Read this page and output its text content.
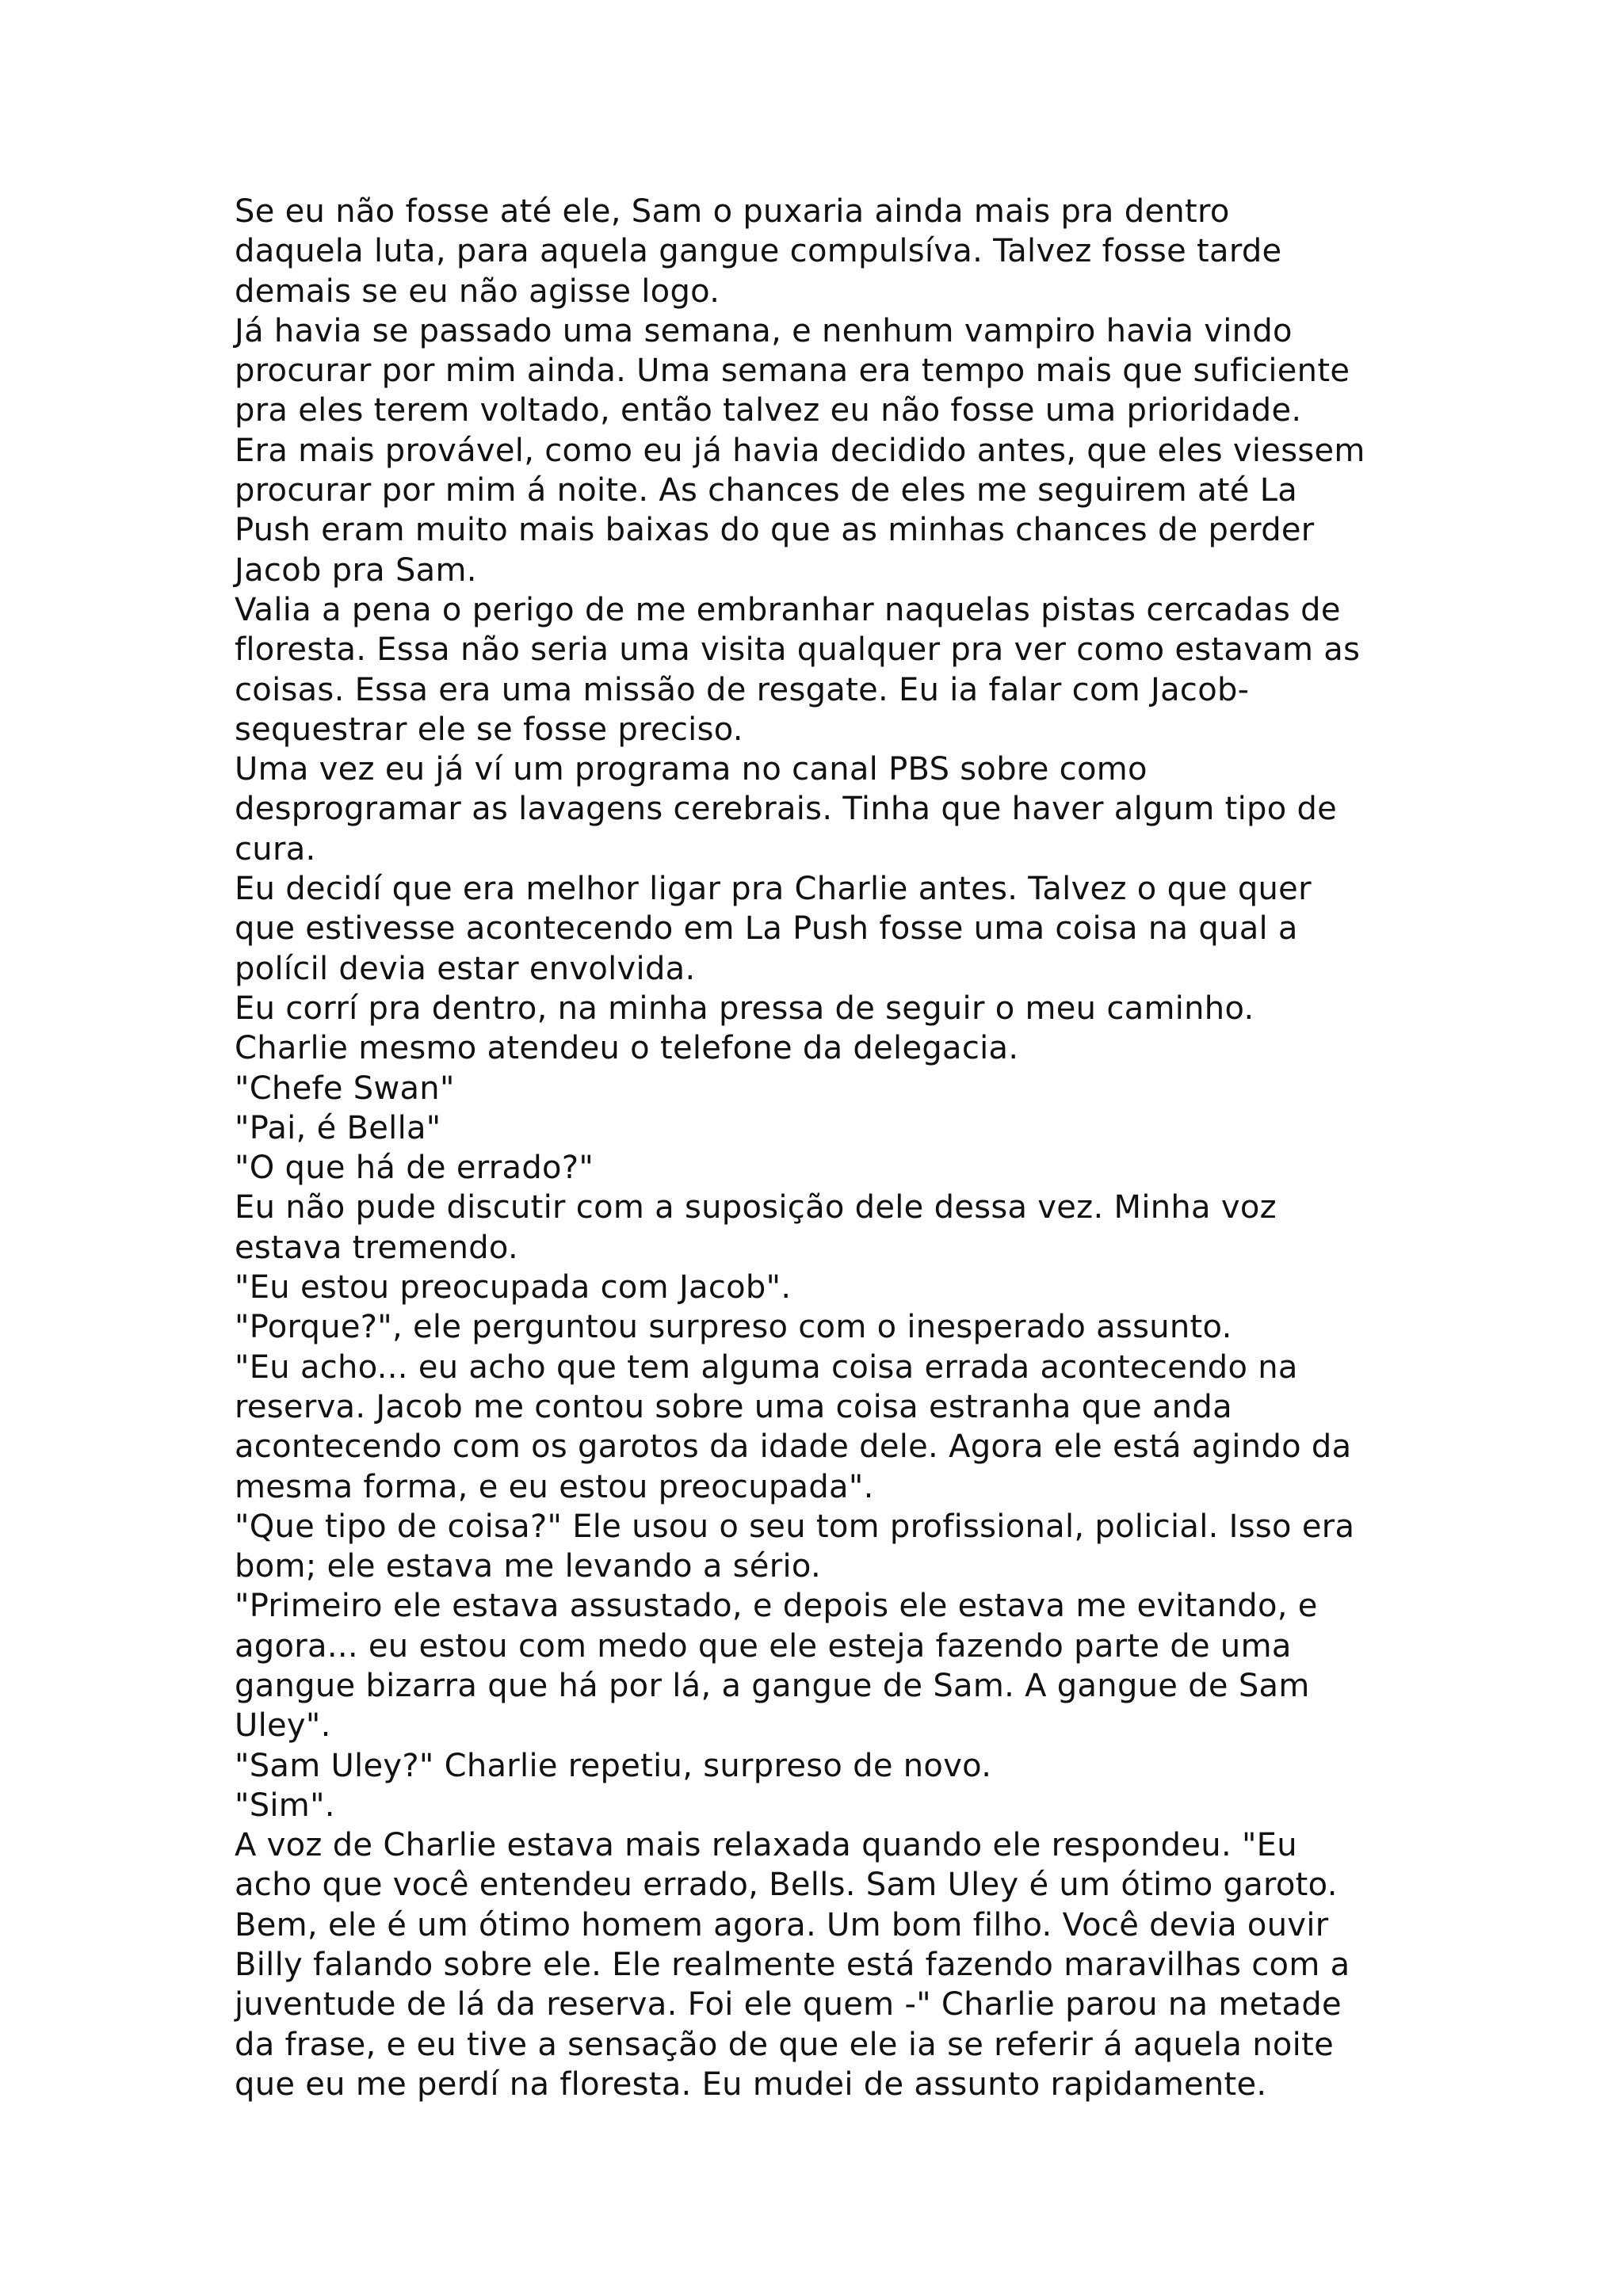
Se eu não fosse até ele, Sam o puxaria ainda mais pra dentro
daquela luta, para aquela gangue compulsíva. Talvez fosse tarde
demais se eu não agisse logo.
Já havia se passado uma semana, e nenhum vampiro havia vindo
procurar por mim ainda. Uma semana era tempo mais que suficiente
pra eles terem voltado, então talvez eu não fosse uma prioridade.
Era mais provável, como eu já havia decidido antes, que eles viessem
procurar por mim á noite. As chances de eles me seguirem até La
Push eram muito mais baixas do que as minhas chances de perder
Jacob pra Sam.
Valia a pena o perigo de me embranhar naquelas pistas cercadas de
floresta. Essa não seria uma visita qualquer pra ver como estavam as
coisas. Essa era uma missão de resgate. Eu ia falar com Jacob-
sequestrar ele se fosse preciso.
Uma vez eu já ví um programa no canal PBS sobre como
desprogramar as lavagens cerebrais. Tinha que haver algum tipo de
cura.
Eu decidí que era melhor ligar pra Charlie antes. Talvez o que quer
que estivesse acontecendo em La Push fosse uma coisa na qual a
polícil devia estar envolvida.
Eu corrí pra dentro, na minha pressa de seguir o meu caminho.
Charlie mesmo atendeu o telefone da delegacia.
"Chefe Swan"
"Pai, é Bella"
"O que há de errado?"
Eu não pude discutir com a suposição dele dessa vez. Minha voz
estava tremendo.
"Eu estou preocupada com Jacob".
"Porque?", ele perguntou surpreso com o inesperado assunto.
"Eu acho... eu acho que tem alguma coisa errada acontecendo na
reserva. Jacob me contou sobre uma coisa estranha que anda
acontecendo com os garotos da idade dele. Agora ele está agindo da
mesma forma, e eu estou preocupada".
"Que tipo de coisa?" Ele usou o seu tom profissional, policial. Isso era
bom; ele estava me levando a sério.
"Primeiro ele estava assustado, e depois ele estava me evitando, e
agora... eu estou com medo que ele esteja fazendo parte de uma
gangue bizarra que há por lá, a gangue de Sam. A gangue de Sam
Uley".
"Sam Uley?" Charlie repetiu, surpreso de novo.
"Sim".
A voz de Charlie estava mais relaxada quando ele respondeu. "Eu
acho que você entendeu errado, Bells. Sam Uley é um ótimo garoto.
Bem, ele é um ótimo homem agora. Um bom filho. Você devia ouvir
Billy falando sobre ele. Ele realmente está fazendo maravilhas com a
juventude de lá da reserva. Foi ele quem -" Charlie parou na metade
da frase, e eu tive a sensação de que ele ia se referir á aquela noite
que eu me perdí na floresta. Eu mudei de assunto rapidamente.
